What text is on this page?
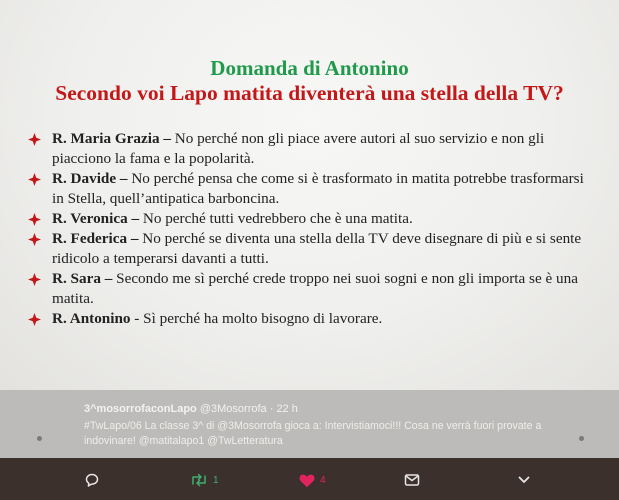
Domanda di Antonino
Secondo voi Lapo matita diventerà una stella della TV?
R. Maria Grazia – No perché non gli piace avere autori al suo servizio e non gli piacciono la fama e la popolarità.
R. Davide – No perché pensa che come si è trasformato in matita potrebbe trasformarsi in Stella, quell’antipatica barboncina.
R. Veronica – No perché tutti vedrebbero che è una matita.
R. Federica – No perché se diventa una stella della TV deve disegnare di più e si sente ridicolo a temperarsi davanti a tutti.
R. Sara – Secondo me sì perché crede troppo nei suoi sogni e non gli importa se è una matita.
R. Antonino - Sì perché ha molto bisogno di lavorare.
3^mosorrofaconLapo @3Mosorrofa · 22 h
#TwLapo/06 La classe 3^ di @3Mosorrofa gioca a: Intervistiamoci!!! Cosa ne verrà fuori provate a indovinare! @matitalapo1 @TwLetteratura
1	4
